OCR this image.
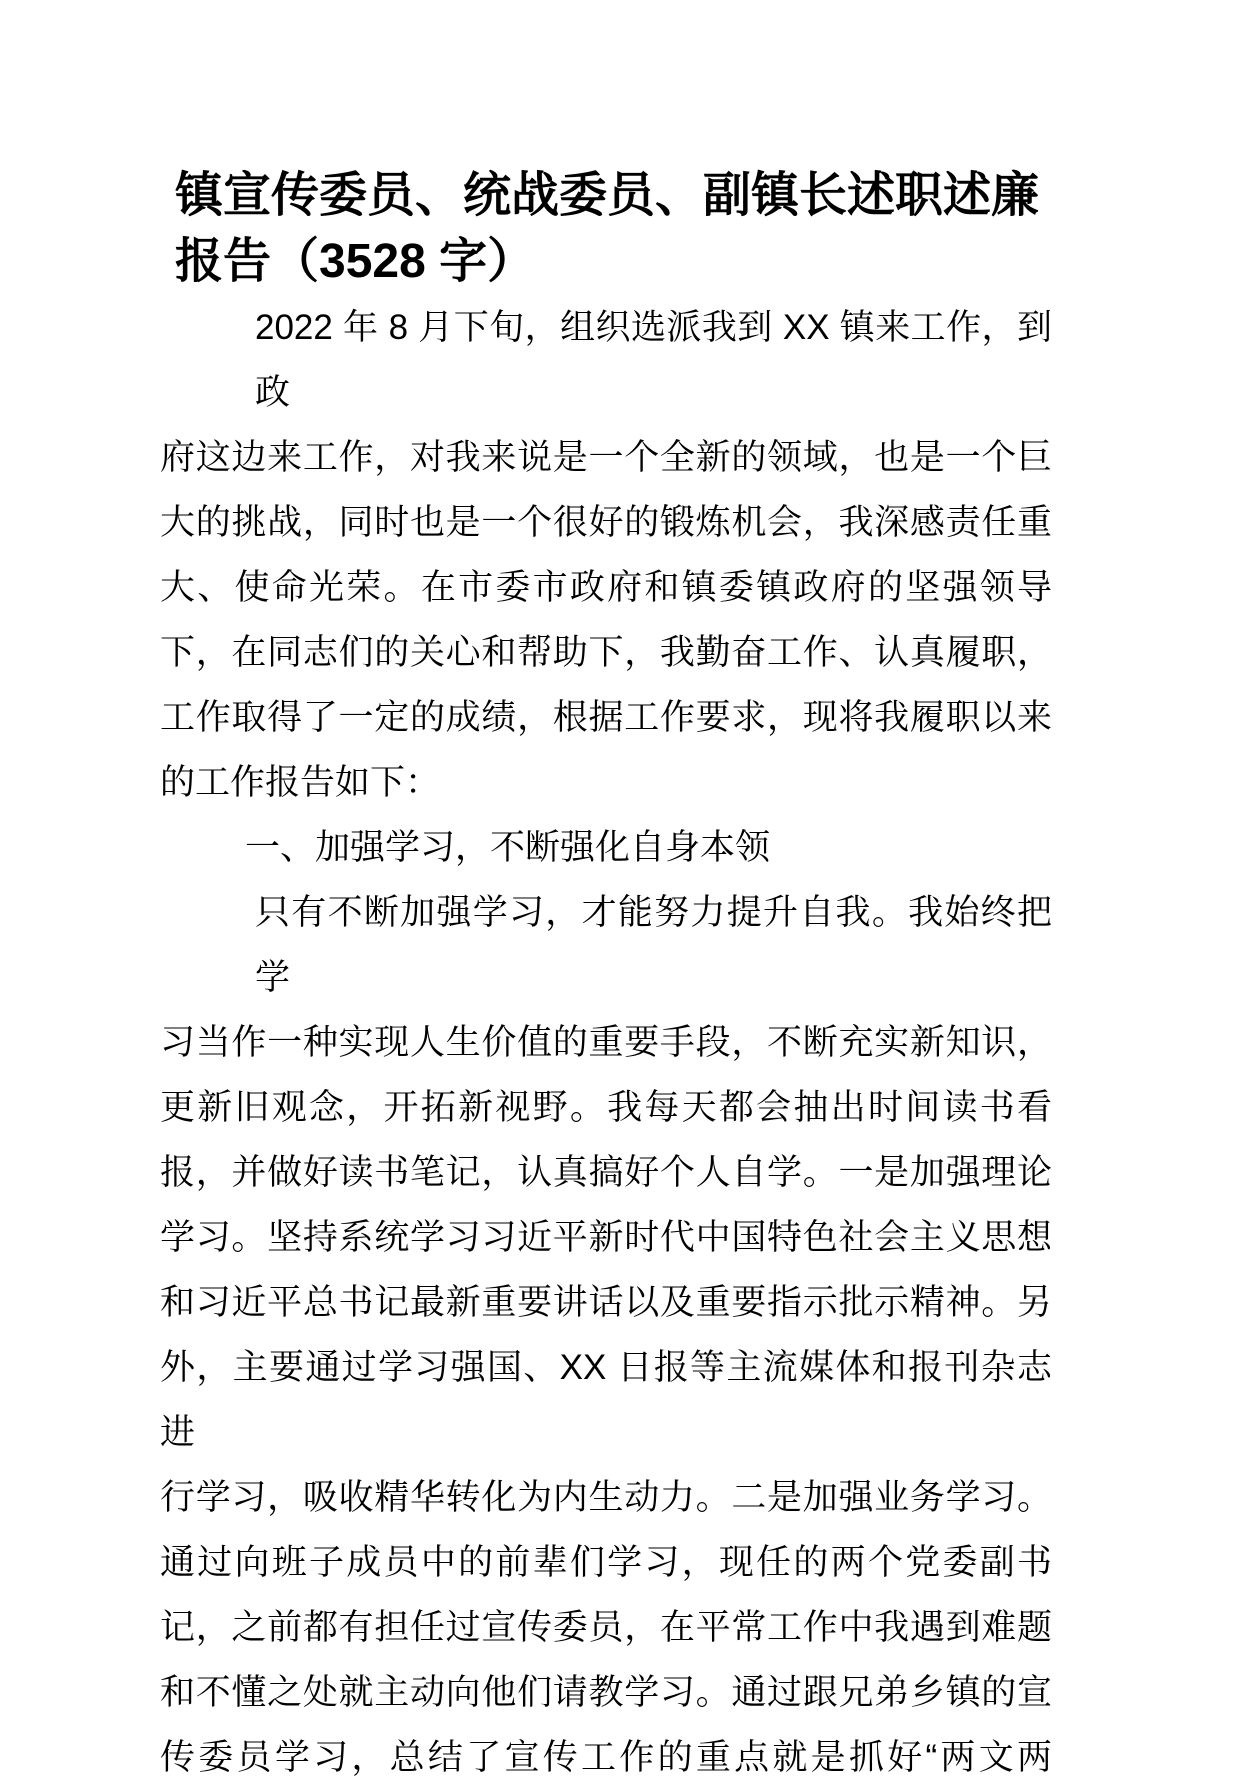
镇宣传委员、统战委员、副镇长述职述廉
报告（3528 字）
2022 年 8 月下旬，组织选派我到 XX 镇来工作，到政
府这边来工作，对我来说是一个全新的领域，也是一个巨
大的挑战，同时也是一个很好的锻炼机会，我深感责任重
大、使命光荣。在市委市政府和镇委镇政府的坚强领导
下，在同志们的关心和帮助下，我勤奋工作、认真履职，
工作取得了一定的成绩，根据工作要求，现将我履职以来
的工作报告如下：
一、加强学习，不断强化自身本领
只有不断加强学习，才能努力提升自我。我始终把学
习当作一种实现人生价值的重要手段，不断充实新知识，
更新旧观念，开拓新视野。我每天都会抽出时间读书看
报，并做好读书笔记，认真搞好个人自学。一是加强理论
学习。坚持系统学习习近平新时代中国特色社会主义思想
和习近平总书记最新重要讲话以及重要指示批示精神。另
外，主要通过学习强国、XX 日报等主流媒体和报刊杂志进
行学习，吸收精华转化为内生动力。二是加强业务学习。
通过向班子成员中的前辈们学习，现任的两个党委副书
记，之前都有担任过宣传委员，在平常工作中我遇到难题
和不懂之处就主动向他们请教学习。通过跟兄弟乡镇的宣
传委员学习，总结了宣传工作的重点就是抓好“两文两
